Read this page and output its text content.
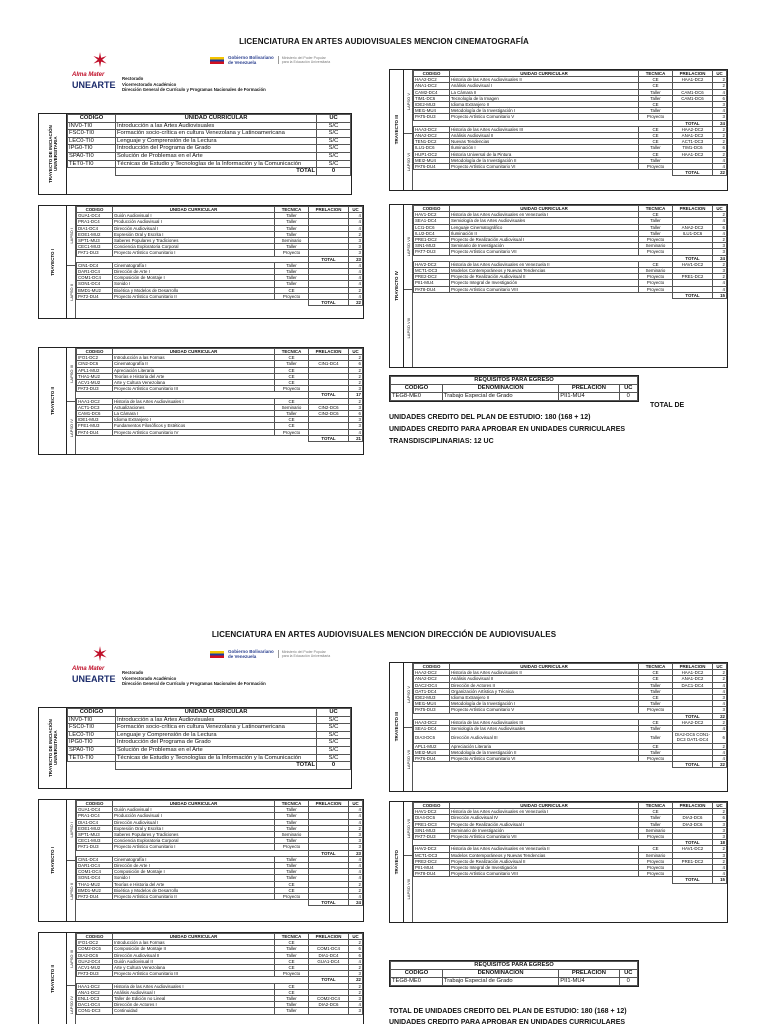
LICENCIATURA EN ARTES AUDIOVISUALES MENCION CINEMATOGRAFÍA
✶
Alma Mater
UNEARTE
Gobierno Bolivariano
de Venezuela
Ministerio del Poder Popular
para la Educación Universitaria
Rectorado
Vicerrectorado Académico
Dirección General de Currículo y Programas Nacionales de Formación
TRAYECTO DE INICIACIÓN UNIVERSITARIA
CODIGO	UNIDAD CURRICULAR	UC
INV0-TI0	Introducción a las Artes Audiovisuales	S/C
FSC0-TI0	Formación socio-crítica en cultura Venezolana y Latinoamericana	S/C
LEC0-TI0	Lenguaje y Comprensión de la Lectura	S/C
IPG0-TI0	Introducción del Programa de Grado	S/C
SPA0-TI0	Solución de Problemas en el Arte	S/C
TET0-TI0	Técnicas de Estudio y Tecnologías de la Información y la Comunicación	S/C
	TOTAL	0
TRAYECTO I
LAPSO I
LAPSO II
CODIGO	UNIDAD CURRICULAR	TECNICA	PRELACION	UC
GUA1-DC4	Guión Audiovisual I	Taller		4
PRA1-DC4	Producción Audiovisual I	Taller		4
DIA1-DC4	Dirección Audiovisual I	Taller		4
EOE1-MU2	Expresión Oral y Escrita I	Taller		2
SPT1-MU3	Saberes Populares y Tradiciones	Seminario		3
CEC1-MU3	Conciencia Exploratoria Corporal	Taller		3
PAT1-DU3	Proyecto Artístico Comunitario I	Proyecto		3
			TOTAL	23
CIN1-DC4	Cinematografía I	Taller		4
DAR1-DC4	Dirección de Arte I	Taller		4
COM1-DC4	Composición de Montaje I	Taller		4
SON1-DC4	Sonido I	Taller		4
BMD1-MU2	Bioética y Modelos de Desarrollo	CE		2
PAT2-DU4	Proyecto Artístico Comunitario II	Proyecto		4
			TOTAL	22
TRAYECTO II
LAPSO III
LAPSO IV
CODIGO	UNIDAD CURRICULAR	TECNICA	PRELACION	UC
IFO1-DC2	Introducción a las Formas	CE		2
CIN2-DC6	Cinematografía II	Taller	CIN1-DC4	6
APL1-MU2	Apreciación Literaria	CE		2
THA1-MU2	Teorías e Historia del Arte	CE		2
ACV1-MU2	Arte y Cultura Venezolana	CE		2
PAT3-DU3	Proyecto Artístico Comunitario III	Proyecto		3
			TOTAL	17
HAA1-DC2	Historia de las Artes Audiovisuales I	CE		2
ACT1-DC3	Actualizaciones	Seminario	CIN2-DC6	3
CAM1-DC6	La Cámara I	Taller	CIN2-DC6	6
IDE1-MU3	Idioma Extranjero I	CE		3
FFE1-MU3	Fundamentos Filosóficos y Estéticos	CE		3
PAT4-DU4	Proyecto Artístico Comunitario IV	Proyecto		4
			TOTAL	21
TRAYECTO III
LAPSO V
LAPSO VI
CODIGO	UNIDAD CURRICULAR	TECNICA	PRELACION	UC
HAA2-DC2	Historia de las Artes Audiovisuales II	CE	HAA1-DC2	2
ANA1-DC2	Análisis Audiovisual I	CE		2
CAM2-DC4	La Cámara II	Taller	CAM1-DC6	4
TIM1-DC6	Tecnología de la Imagen	Taller	CAM1-DC6	6
IDE2-MU3	Idioma Extranjero II	CE		3
MEI1-MU4	Metodología de la Investigación I	Taller		4
PAT5-DU3	Proyecto Artístico Comunitario V	Proyecto		3
			TOTAL	24
HAA3-DC2	Historia de las Artes Audiovisuales III	CE	HAA2-DC2	2
ANA2-DC2	Análisis Audiovisual II	CE	ANA1-DC2	2
TEN1-DC2	Nuevas Tendencias	CE	ACT1-DC3	2
ILU1-DC6	Iluminación I	Taller	TIM1-DC6	6
HUP1-DC2	Historia Universal de la Pintura	CE	HAA1-DC2	2
MEI2-MU4	Metodología de la Investigación II	Taller		4
PAT6-DU4	Proyecto Artístico Comunitario VI	Proyecto		4
			TOTAL	22
TRAYECTO IV
LAPSO VII
LAPSO VIII
CODIGO	UNIDAD CURRICULAR	TECNICA	PRELACION	UC
HAV1-DC2	Historia de las Artes Audiovisuales en Venezuela I	CE		2
SEA1-DC4	Semiología de las Artes Audiovisuales	Taller		4
LCI1-DC6	Lenguaje Cinematográfico	Taller	ANA2-DC2	6
ILU2-DC4	Iluminación II	Taller	ILU1-DC6	4
PRE1-DC2	Proyecto de Realización Audiovisual I	Proyecto		2
SIN1-MU3	Seminario de Investigación	Seminario		3
PAT7-DU3	Proyecto Artístico Comunitario VII	Proyecto		3
			TOTAL	24
HAV2-DC2	Historia de las Artes Audiovisuales en Venezuela II	CE	HAV1-DC2	2
MCT1-DC3	Modelos Contemporáneos y Nuevas Tendencias	Seminario		3
PRE2-DC2	Proyecto de Realización Audiovisual II	Proyecto	PRE1-DC2	2
PII1-MU4	Proyecto Integral de Investigación	Proyecto		4
PAT8-DU4	Proyecto Artístico Comunitario VIII	Proyecto		4
			TOTAL	15
REQUISITOS PARA EGRESO			
CÓDIGO	DENOMINACIÓN	PRELACIÓN	UC
TEG8-ME0	Trabajo Especial de Grado	PII1-MU4	0
TOTAL DE
UNIDADES CREDITO DEL PLAN DE ESTUDIO: 180 (168 + 12)
UNIDADES CREDITO PARA APROBAR EN UNIDADES CURRICULARES
TRANSDISCIPLINARIAS: 12 UC
LICENCIATURA EN ARTES AUDIOVISUALES MENCION DIRECCIÓN DE AUDIOVISUALES
✶
Alma Mater
UNEARTE
Gobierno Bolivariano
de Venezuela
Ministerio del Poder Popular
para la Educación Universitaria
Rectorado
Vicerrectorado Académico
Dirección General de Currículo y Programas Nacionales de Formación
TRAYECTO DE INICIACIÓN UNIVERSITARIA
CODIGO	UNIDAD CURRICULAR	UC
INV0-TI0	Introducción a las Artes Audiovisuales	S/C
FSC0-TI0	Formación socio-crítica en cultura Venezolana y Latinoamericana	S/C
LEC0-TI0	Lenguaje y Comprensión de la Lectura	S/C
IPG0-TI0	Introducción del Programa de Grado	S/C
SPA0-TI0	Solución de Problemas en el Arte	S/C
TET0-TI0	Técnicas de Estudio y Tecnologías de la Información y la Comunicación	S/C
	TOTAL	0
TRAYECTO I
LAPSO I
LAPSO II
CODIGO	UNIDAD CURRICULAR	TECNICA	PRELACION	UC
GUA1-DC4	Guión Audiovisual I	Taller		4
PRA1-DC4	Producción Audiovisual I	Taller		4
DIA1-DC4	Dirección Audiovisual I	Taller		4
EOE1-MU2	Expresión Oral y Escrita I	Taller		2
SPT1-MU3	Saberes Populares y Tradiciones	Seminario		3
CEC1-MU3	Conciencia Exploratoria Corporal	Taller		3
PAT1-DU3	Proyecto Artístico Comunitario I	Proyecto		3
			TOTAL	23
CIN1-DC4	Cinematografía I	Taller		4
DAR1-DC4	Dirección de Arte I	Taller		4
COM1-DC4	Composición de Montaje I	Taller		4
SON1-DC4	Sonido I	Taller		4
THA1-MU2	Teorías e Historia del Arte	CE		2
BMD1-MU2	Bioética y Modelos de Desarrollo	CE		2
PAT2-DU4	Proyecto Artístico Comunitario II	Proyecto		4
			TOTAL	24
TRAYECTO II
LAPSO III
LAPSO IV
CODIGO	UNIDAD CURRICULAR	TECNICA	PRELACION	UC
IFO1-DC2	Introducción a las Formas	CE		2
COM2-DC6	Composición de Montaje II	Taller	COM1-DC4	6
DIA2-DC6	Dirección Audiovisual II	Taller	DIA1-DC4	6
GUA2-DC4	Guión Audiovisual II	CE	GUA1-DC4	4
ACV1-MU2	Arte y Cultura Venezolana	CE		2
PAT3-DU3	Proyecto Artístico Comunitario III	Proyecto		3
			TOTAL	22
HAA1-DC2	Historia de las Artes Audiovisuales I	CE		2
ANA1-DC2	Análisis Audiovisual I	CE		2
ENL1-DC3	Taller de Edición no Lineal	Taller	COM2-DC4	3
DAC1-DC4	Dirección de Actores I	Taller	DIA2-DC6	4
CON1-DC3	Continuidad	Taller		3
TRAYECTO III
LAPSO V
LAPSO VII
CODIGO	UNIDAD CURRICULAR	TECNICA	PRELACION	UC
HAA2-DC2	Historia de las Artes Audiovisuales II	CE	HAA1-DC2	2
ANA2-DC2	Análisis Audiovisual II	CE	ANA1-DC2	2
DAC2-DC4	Dirección de Actores II	Taller	DAC1-DC4	4
OAT1-DC4	Organización Artística y Técnica	Taller		4
IDE2-MU3	Idioma Extranjero II	CE		3
MEI1-MU4	Metodología de la Investigación I	Taller		4
PAT5-DU3	Proyecto Artístico Comunitario V	Proyecto		3
			TOTAL	22
HAA3-DC2	Historia de las Artes Audiovisuales III	CE	HAA2-DC2	2
SEA1-DC4	Semiología de las Artes Audiovisuales	Taller		4
DIA3-DC6	Dirección Audiovisual III	Taller	DIA2-DC6 CON1-DC3 OAT1-DC4	6
APL1-MU2	Apreciación Literaria	CE		2
MEI2-MU4	Metodología de la Investigación II	Taller		4
PAT6-DU4	Proyecto Artístico Comunitario VI	Proyecto		4
			TOTAL	22
TRAYECTO
LAPSO VII
LAPSO VIII
CODIGO	UNIDAD CURRICULAR	TECNICA	PRELACION	UC
HAV1-DC2	Historia de las Artes Audiovisuales en Venezuela I	CE		2
DIA4-DC6	Dirección Audiovisual IV	Taller	DIA3-DC6	6
PRE1-DC3	Proyecto de Realización Audiovisual I	Taller	DIA3-DC6	3
SIN1-MU3	Seminario de Investigación	Seminario		3
PAT7-DU3	Proyecto Artístico Comunitario VII	Proyecto		3
			TOTAL	18
HAV2-DC2	Historia de las Artes Audiovisuales en Venezuela II	CE	HAV1-DC2	2
MCT1-DC3	Modelos Contemporáneos y Nuevas Tendencias	Seminario		3
PRE2-DC2	Proyecto de Realización Audiovisual II	Proyecto	PRE1-DC2	2
PII1-MU4	Proyecto Integral de Investigación	Proyecto		4
PAT8-DU4	Proyecto Artístico Comunitario VIII	Proyecto		4
			TOTAL	15
REQUISITOS PARA EGRESO			
CÓDIGO	DENOMINACIÓN	PRELACIÓN	UC
TEG8-ME0	Trabajo Especial de Grado	PII1-MU4	0
TOTAL DE UNIDADES CREDITO DEL PLAN DE ESTUDIO: 180 (168 + 12)
UNIDADES CREDITO PARA APROBAR EN UNIDADES CURRICULARES
